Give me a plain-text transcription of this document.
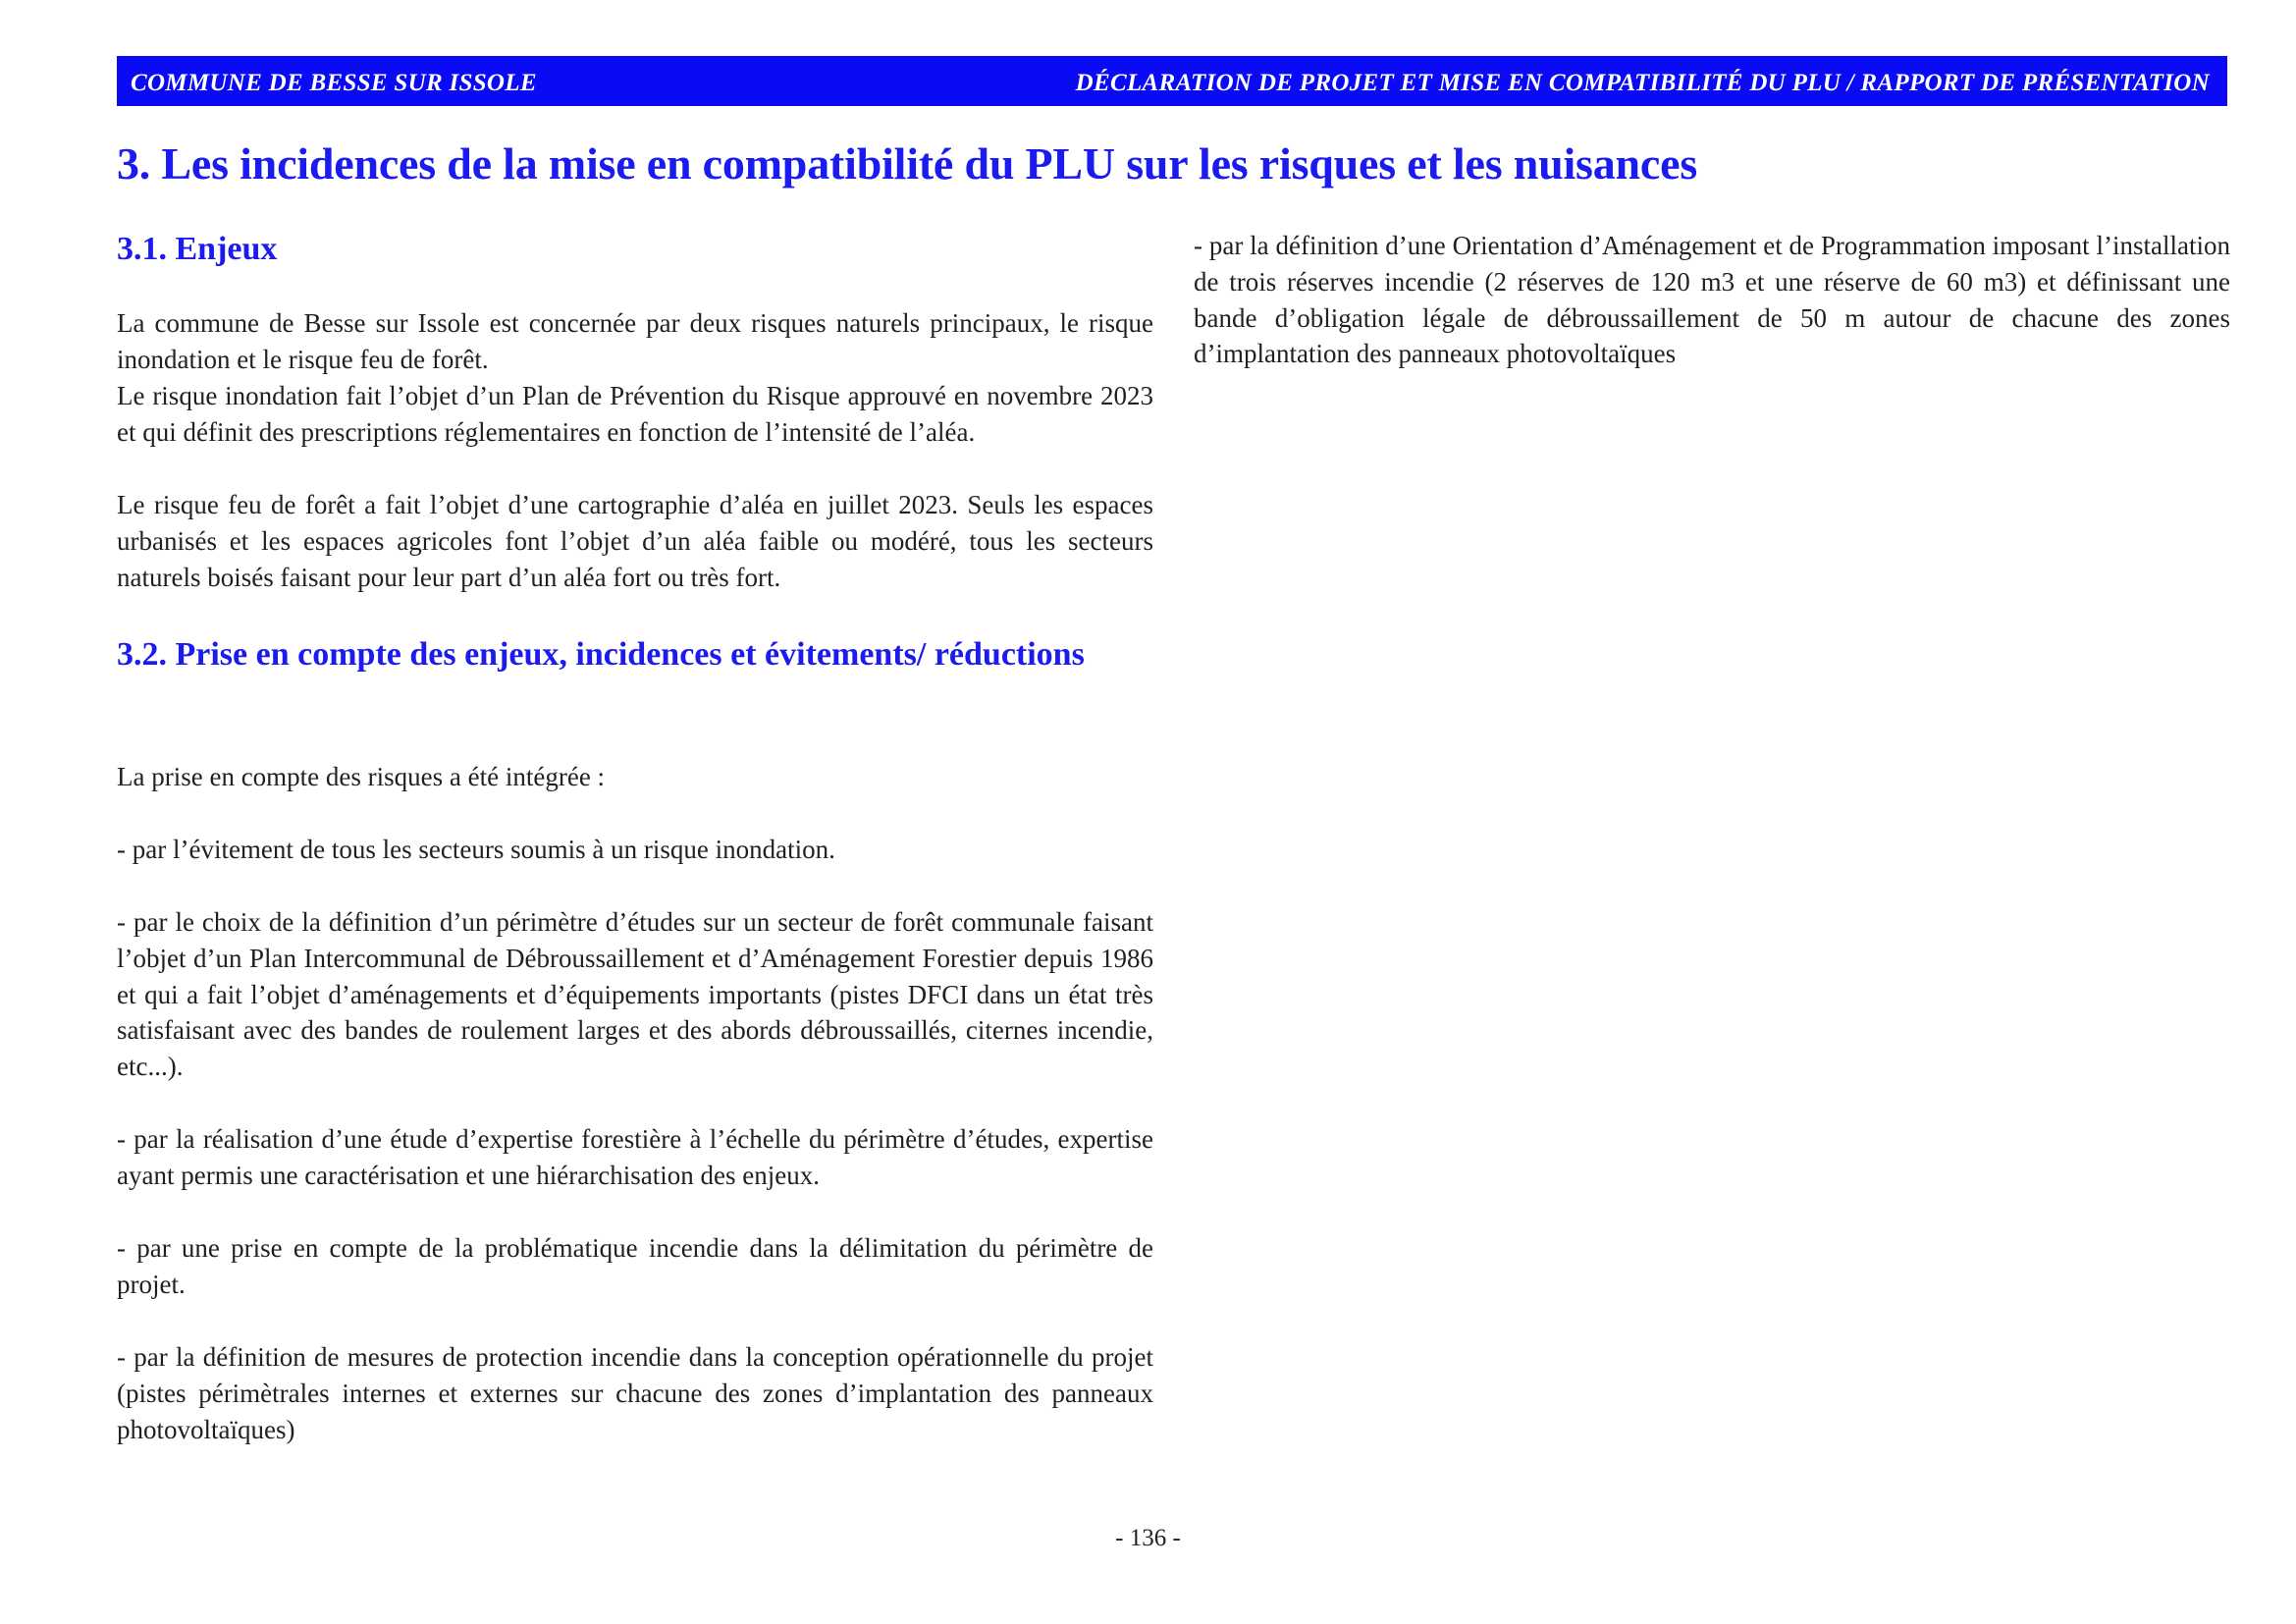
COMMUNE DE BESSE SUR ISSOLE	DÉCLARATION DE PROJET ET MISE EN COMPATIBILITÉ DU PLU / RAPPORT DE PRÉSENTATION
3. Les incidences de la mise en compatibilité du PLU sur les risques et les nuisances
3.1. Enjeux

La commune de Besse sur Issole est concernée par deux risques naturels principaux, le risque inondation et le risque feu de forêt.

Le risque inondation fait l’objet d’un Plan de Prévention du Risque approuvé en novembre 2023 et qui définit des prescriptions réglementaires en fonction de l’intensité de l’aléa.

Le risque feu de forêt a fait l’objet d’une cartographie d’aléa en juillet 2023. Seuls les espaces urbanisés et les espaces agricoles font l’objet d’un aléa faible ou modéré, tous les secteurs naturels boisés faisant pour leur part d’un aléa fort ou très fort.

3.2. Prise en compte des enjeux, incidences et évitements/ réductions

La prise en compte des risques a été intégrée :

- par l’évitement de tous les secteurs soumis à un risque inondation.

- par le choix de la définition d’un périmètre d’études sur un secteur de forêt communale faisant l’objet d’un Plan Intercommunal de Débroussaillement et d’Aménagement Forestier depuis 1986 et qui a fait l’objet d’aménagements et d’équipements importants (pistes DFCI dans un état très satisfaisant avec des bandes de roulement larges et des abords débroussaillés, citernes incendie, etc...).

- par la réalisation d’une étude d’expertise forestière à l’échelle du périmètre d’études, expertise ayant permis une caractérisation et une hiérarchisation des enjeux.

- par une prise en compte de la problématique incendie dans la délimitation du périmètre de projet.

- par la définition de mesures de protection incendie dans la conception opérationnelle du projet (pistes périmètrales internes et externes sur chacune des zones d’implantation des panneaux photovoltaïques)

- par la définition d’une Orientation d’Aménagement et de Programmation imposant l’installation de trois réserves incendie (2 réserves de 120 m3 et une réserve de 60 m3) et définissant une bande d’obligation légale de débroussaillement de 50 m autour de chacune des zones d’implantation des panneaux photovoltaïques

- 136 -
